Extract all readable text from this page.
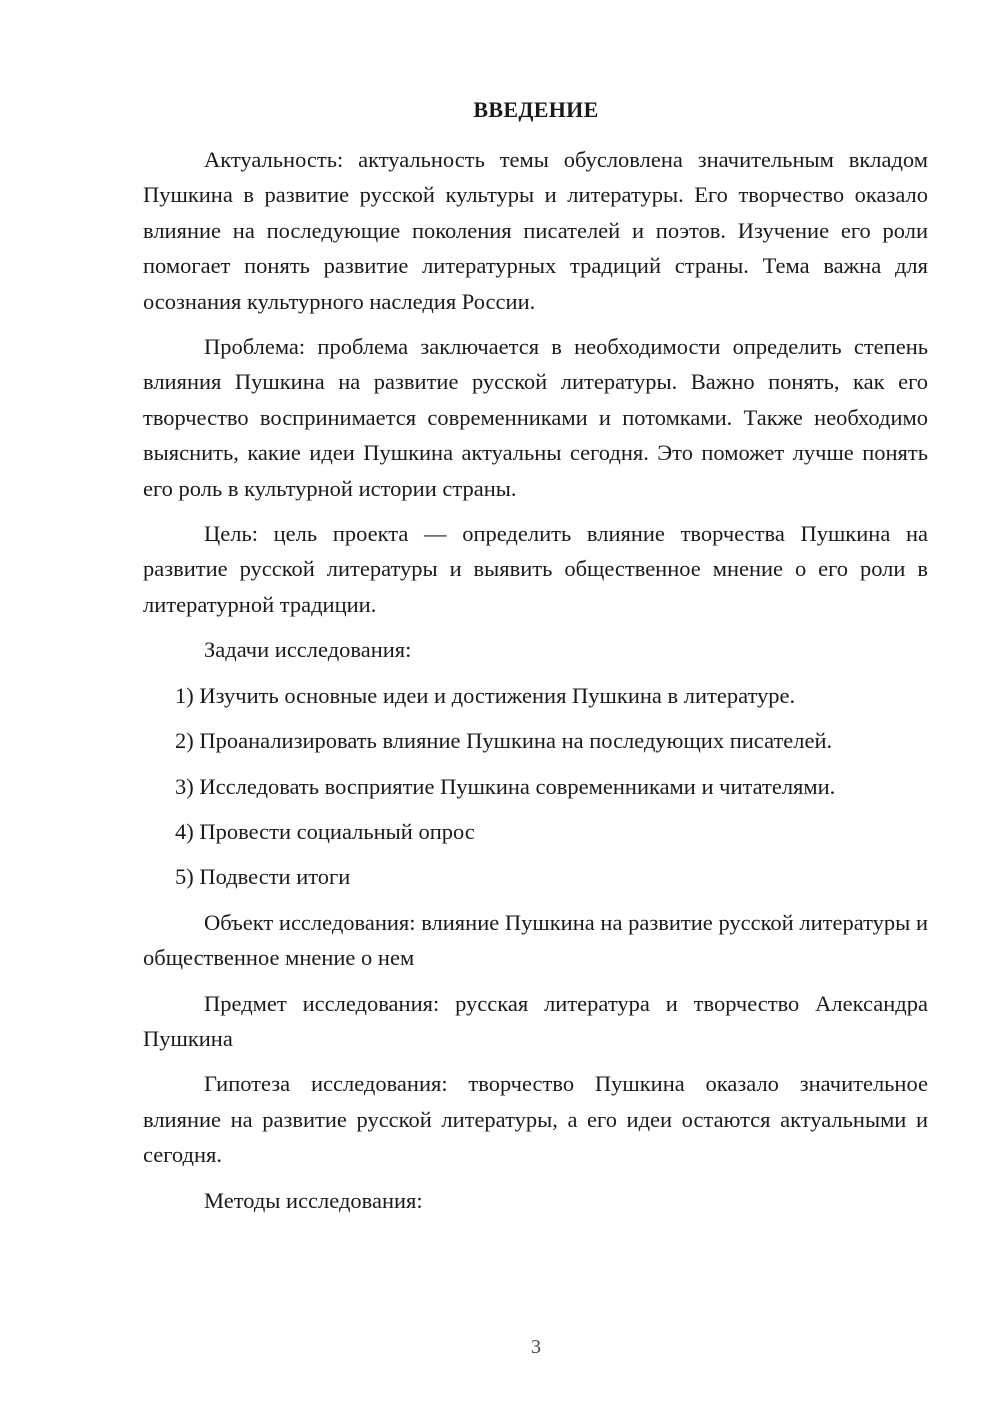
ВВЕДЕНИЕ

Актуальность: актуальность темы обусловлена значительным вкладом Пушкина в развитие русской культуры и литературы. Его творчество оказало влияние на последующие поколения писателей и поэтов. Изучение его роли помогает понять развитие литературных традиций страны. Тема важна для осознания культурного наследия России.

Проблема: проблема заключается в необходимости определить степень влияния Пушкина на развитие русской литературы. Важно понять, как его творчество воспринимается современниками и потомками. Также необходимо выяснить, какие идеи Пушкина актуальны сегодня. Это поможет лучше понять его роль в культурной истории страны.

Цель: цель проекта — определить влияние творчества Пушкина на развитие русской литературы и выявить общественное мнение о его роли в литературной традиции.

Задачи исследования:

1) Изучить основные идеи и достижения Пушкина в литературе.

2) Проанализировать влияние Пушкина на последующих писателей.

3) Исследовать восприятие Пушкина современниками и читателями.

4) Провести социальный опрос

5) Подвести итоги

Объект исследования: влияние Пушкина на развитие русской литературы и общественное мнение о нем

Предмет исследования: русская литература и творчество Александра Пушкина

Гипотеза исследования: творчество Пушкина оказало значительное влияние на развитие русской литературы, а его идеи остаются актуальными и сегодня.

Методы исследования:

3
